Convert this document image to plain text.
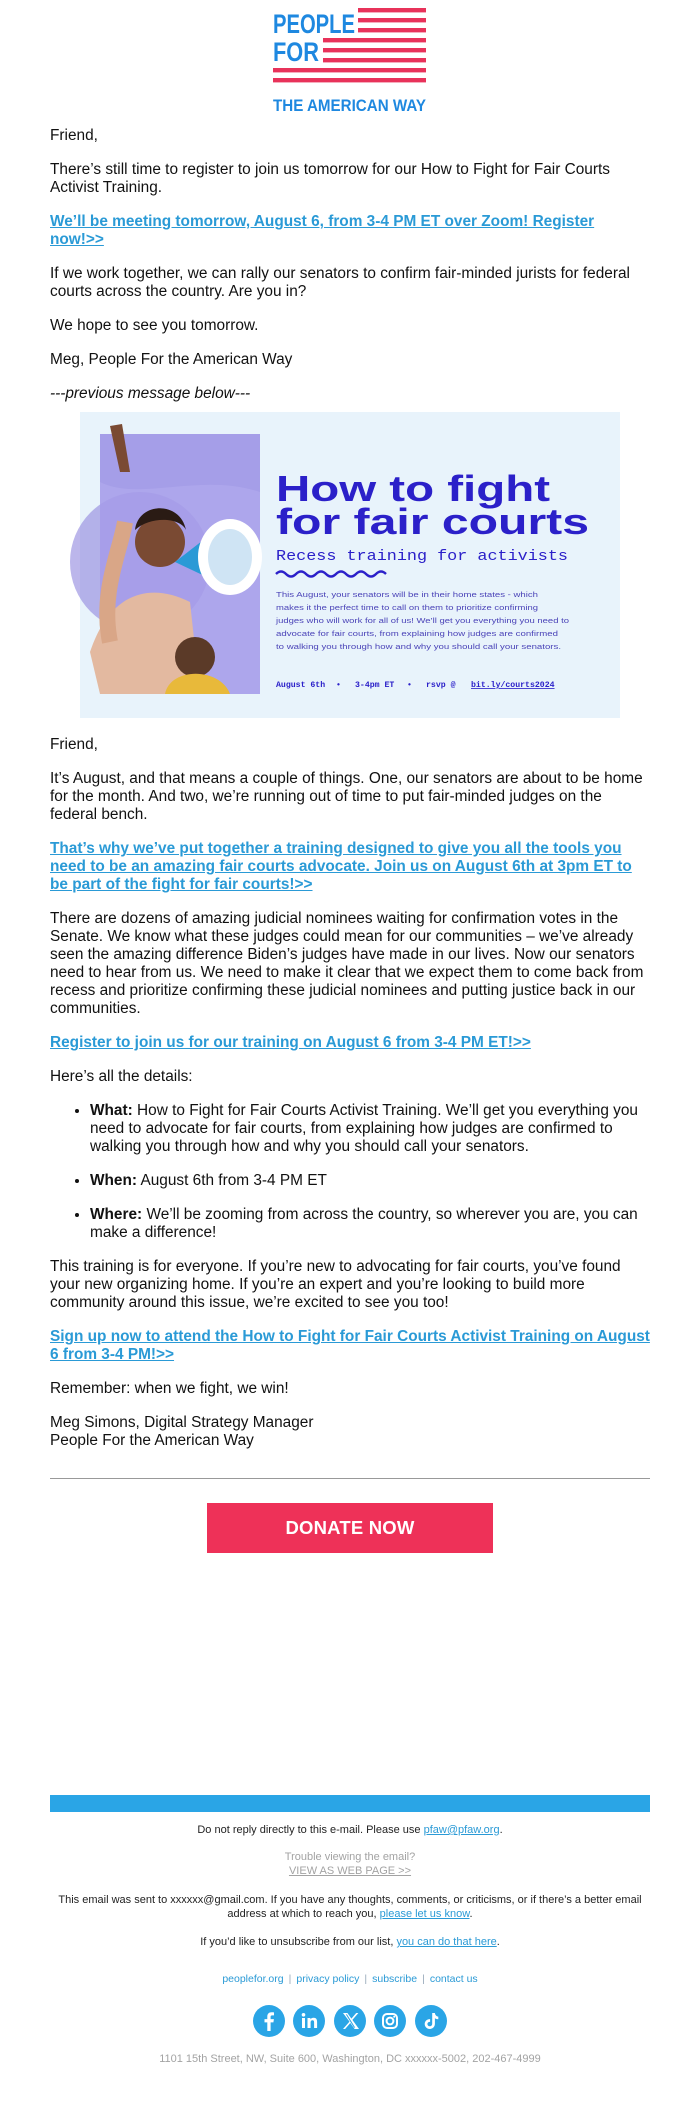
PEOPLE
FOR
THE AMERICAN WAY

Friend,

There’s still time to register to join us tomorrow for our How to Fight for Fair Courts Activist Training.

We’ll be meeting tomorrow, August 6, from 3-4 PM ET over Zoom! Register now!>>

If we work together, we can rally our senators to confirm fair-minded jurists for federal courts across the country. Are you in?

We hope to see you tomorrow.

Meg, People For the American Way

---previous message below---

How to fight
for fair courts
Recess training for activists
This August, your senators will be in their home states - which
makes it the perfect time to call on them to prioritize confirming
judges who will work for all of us! We’ll get you everything you need to
advocate for fair courts, from explaining how judges are confirmed
to walking you through how and why you should call your senators.
August 6th • 3-4pm ET • rsvp @ bit.ly/courts2024

Friend,

It’s August, and that means a couple of things. One, our senators are about to be home for the month. And two, we’re running out of time to put fair-minded judges on the federal bench.

That’s why we’ve put together a training designed to give you all the tools you need to be an amazing fair courts advocate. Join us on August 6th at 3pm ET to be part of the fight for fair courts!>>

There are dozens of amazing judicial nominees waiting for confirmation votes in the Senate. We know what these judges could mean for our communities – we’ve already seen the amazing difference Biden’s judges have made in our lives. Now our senators need to hear from us. We need to make it clear that we expect them to come back from recess and prioritize confirming these judicial nominees and putting justice back in our communities.

Register to join us for our training on August 6 from 3-4 PM ET!>>

Here’s all the details:

• What: How to Fight for Fair Courts Activist Training. We’ll get you everything you need to advocate for fair courts, from explaining how judges are confirmed to walking you through how and why you should call your senators.
• When: August 6th from 3-4 PM ET
• Where: We’ll be zooming from across the country, so wherever you are, you can make a difference!

This training is for everyone. If you’re new to advocating for fair courts, you’ve found your new organizing home. If you’re an expert and you’re looking to build more community around this issue, we’re excited to see you too!

Sign up now to attend the How to Fight for Fair Courts Activist Training on August 6 from 3-4 PM!>>

Remember: when we fight, we win!

Meg Simons, Digital Strategy Manager
People For the American Way
DONATE NOW
Do not reply directly to this e-mail. Please use pfaw@pfaw.org.
Trouble viewing the email?
VIEW AS WEB PAGE >>
This email was sent to xxxxxx@gmail.com. If you have any thoughts, comments, or criticisms, or if there’s a better email address at which to reach you, please let us know.
If you’d like to unsubscribe from our list, you can do that here.
peoplefor.org | privacy policy | subscribe | contact us
1101 15th Street, NW, Suite 600, Washington, DC xxxxxx-5002, 202-467-4999
